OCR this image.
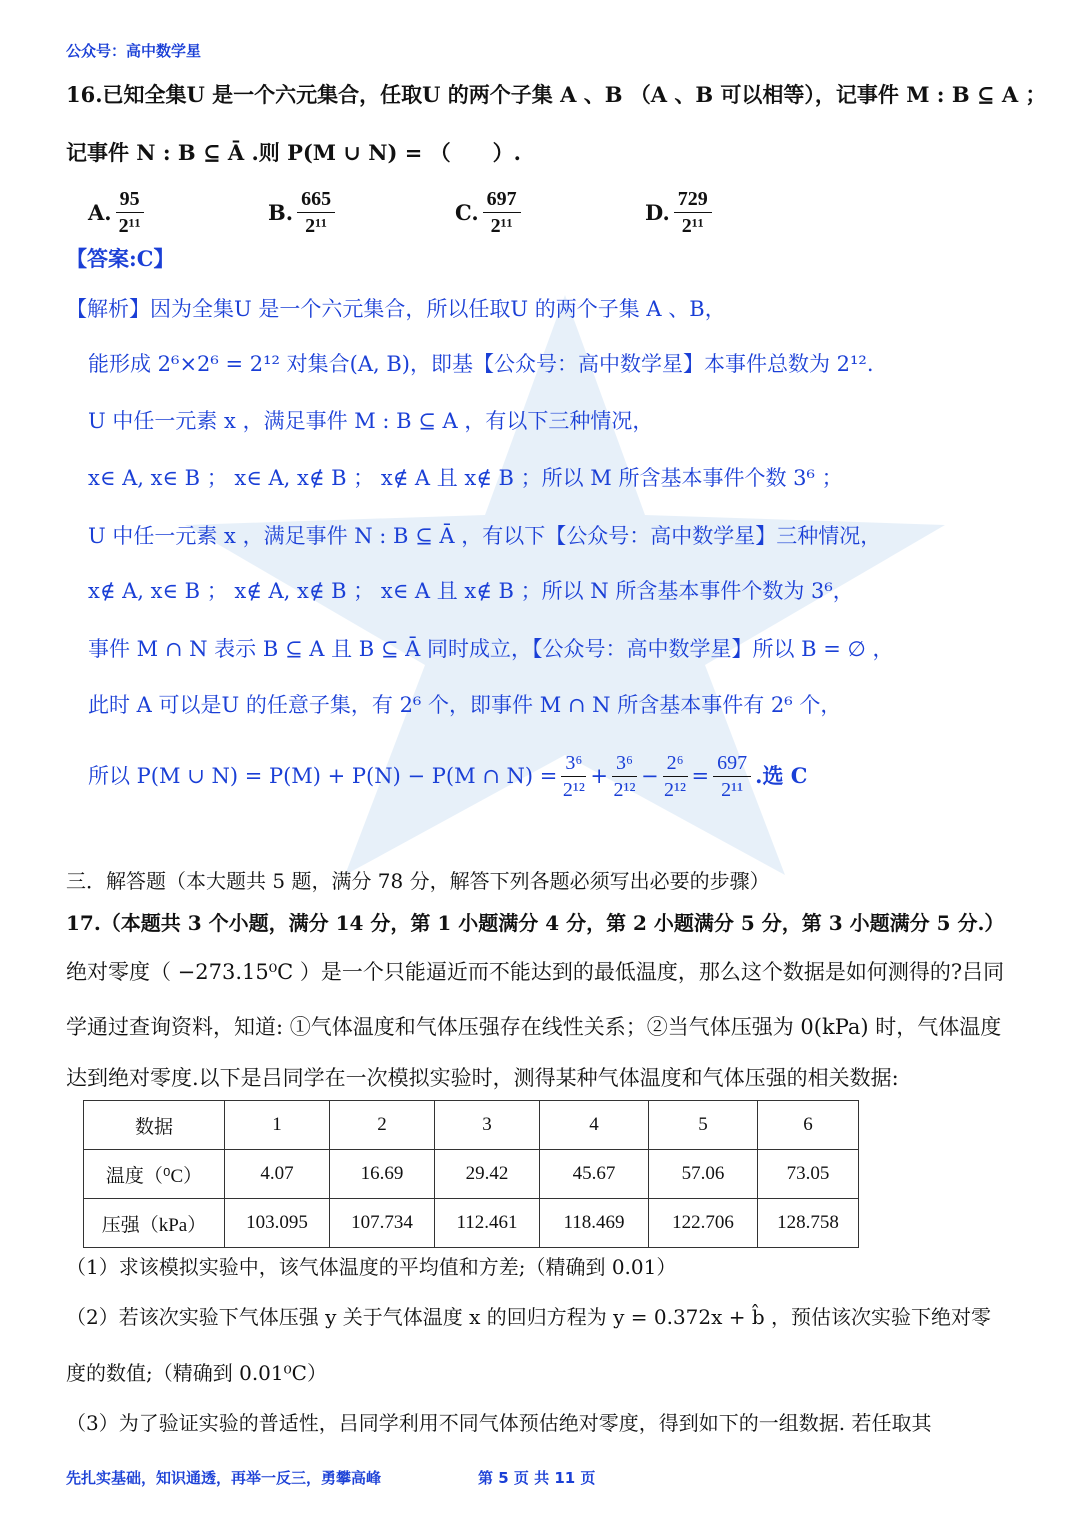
公众号：高中数学星
16.已知全集U 是一个六元集合，任取U 的两个子集 A 、B （A 、B 可以相等），记事件 M : B ⊆ A ；
记事件 N : B ⊆ Ā .则 P(M ∪ N) = （　　）.
A. $\frac{95}{\text{2¹¹}}$	B. $\frac{665}{\text{2¹¹}}$	C. $\frac{697}{\text{2¹¹}}$	D. $\frac{729}{\text{2¹¹}}$
【答案:C】
【解析】因为全集U 是一个六元集合，所以任取U 的两个子集 A 、B，
能形成 2⁶×2⁶ = 2¹² 对集合(A, B)，即基【公众号：高中数学星】本事件总数为 2¹².
U 中任一元素 x ，满足事件 M : B ⊆ A ，有以下三种情况，
x∈ A, x∈ B ； x∈ A, x∉ B ； x∉ A 且 x∉ B ；所以 M 所含基本事件个数 3⁶ ；
U 中任一元素 x ，满足事件 N : B ⊆ Ā ，有以下【公众号：高中数学星】三种情况，
x∉ A, x∈ B ； x∉ A, x∉ B ； x∈ A 且 x∉ B ；所以 N 所含基本事件个数为 3⁶，
事件 M ∩ N 表示 B ⊆ A 且 B ⊆ Ā 同时成立，【公众号：高中数学星】所以 B = ∅ ，
此时 A 可以是U 的任意子集，有 2⁶ 个，即事件 M ∩ N 所含基本事件有 2⁶ 个，
所以 P(M ∪ N) = P(M) + P(N) − P(M ∩ $N) = \frac{\text{3⁶}}{\text{2¹²}} + \frac{\text{3⁶}}{\text{2¹²}} - \frac{\text{2⁶}}{\text{2¹²}} = \frac{697}{\text{2¹¹}}$ .选 C
三．解答题（本大题共 5 题，满分 78 分，解答下列各题必须写出必要的步骤）
17.（本题共 3 个小题，满分 14 分，第 1 小题满分 4 分，第 2 小题满分 5 分，第 3 小题满分 5 分.）
绝对零度（ −273.15⁰C ）是一个只能逼近而不能达到的最低温度，那么这个数据是如何测得的?吕同
学通过查询资料，知道: ①气体温度和气体压强存在线性关系；②当气体压强为 0(kPa) 时，气体温度
达到绝对零度.以下是吕同学在一次模拟实验时，测得某种气体温度和气体压强的相关数据:
数据	1	2	3	4	5	6
温度（⁰C）	4.07	16.69	29.42	45.67	57.06	73.05
压强（kPa）	103.095	107.734	112.461	118.469	122.706	128.758
（1）求该模拟实验中，该气体温度的平均值和方差;（精确到 0.01）
（2）若该次实验下气体压强 y 关于气体温度 x 的回归方程为 y = 0.372x + b̂ ，预估该次实验下绝对零
度的数值;（精确到 0.01⁰C）
（3）为了验证实验的普适性，吕同学利用不同气体预估绝对零度，得到如下的一组数据. 若任取其
先扎实基础，知识通透，再举一反三，勇攀高峰	第 5 页 共 11 页
